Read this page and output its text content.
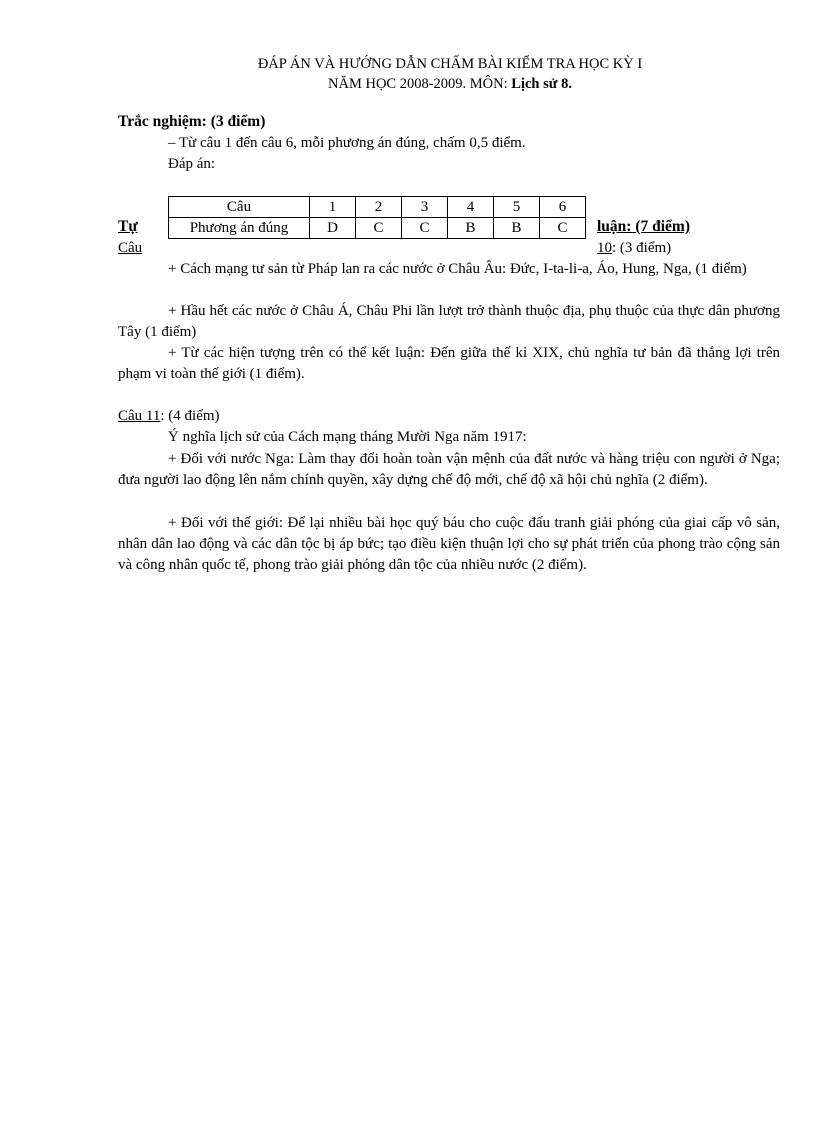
ĐÁP ÁN VÀ HƯỚNG DẪN CHẤM BÀI KIỂM TRA HỌC KỲ I
NĂM HỌC 2008-2009. MÔN: Lịch sử 8.
Trắc nghiệm: (3 điểm)
– Từ câu 1 đến câu 6, mỗi phương án đúng, chấm 0,5 điểm.
Đáp án:
Câu	1	2	3	4	5	6
Phương án đúng	D	C	C	B	B	C
Tự	luận: (7 điểm)
Câu	10: (3 điểm)
+ Cách mạng tư sản từ Pháp lan ra các nước ở Châu Âu: Đức, I-ta-li-a, Áo, Hung, Nga, (1 điểm)
+ Hầu hết các nước ở Châu Á, Châu Phi lần lượt trở thành thuộc địa, phụ thuộc của thực dân phương Tây (1 điểm)
+ Từ các hiện tượng trên có thể kết luận: Đến giữa thế kỉ XIX, chủ nghĩa tư bản đã thắng lợi trên phạm vi toàn thế giới (1 điểm).
Câu 11: (4 điểm)
Ý nghĩa lịch sử của Cách mạng tháng Mười Nga năm 1917:
+ Đối với nước Nga: Làm thay đổi hoàn toàn vận mệnh của đất nước và hàng triệu con người ở Nga; đưa người lao động lên nắm chính quyền, xây dựng chế độ mới, chế độ xã hội chủ nghĩa (2 điểm).
+ Đối với thế giới: Để lại nhiều bài học quý báu cho cuộc đấu tranh giải phóng của giai cấp vô sản, nhân dân lao động và các dân tộc bị áp bức; tạo điều kiện thuận lợi cho sự phát triển của phong trào cộng sản và công nhân quốc tế, phong trào giải phóng dân tộc của nhiều nước (2 điểm).
